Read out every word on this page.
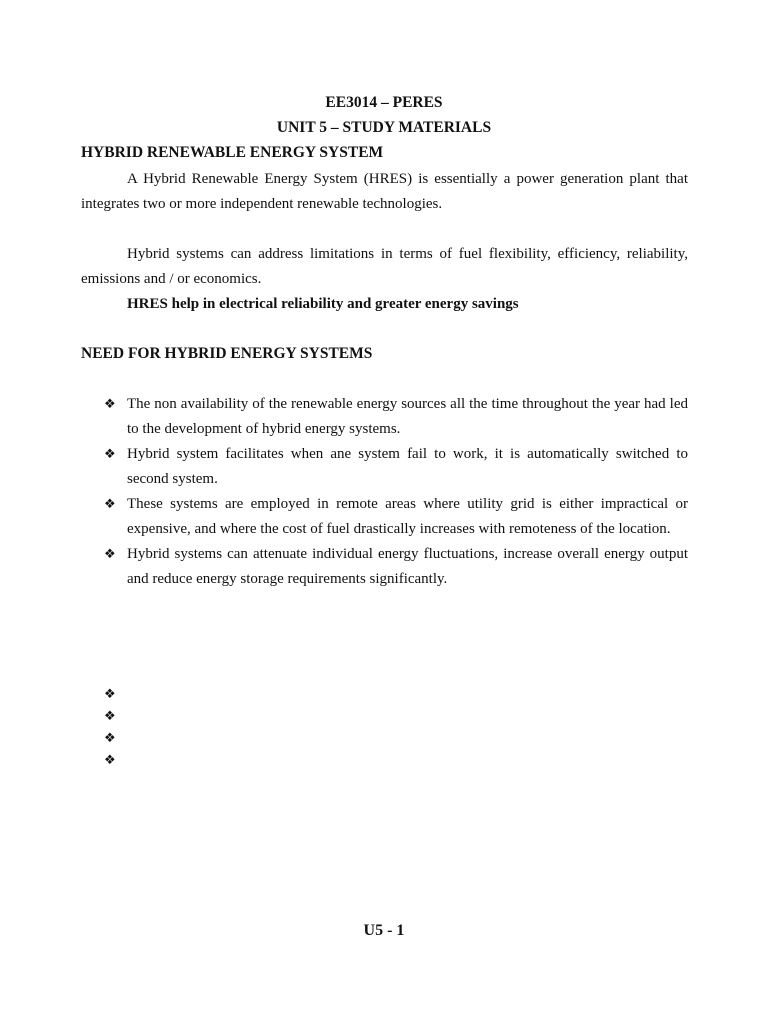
EE3014 – PERES
UNIT 5 – STUDY MATERIALS
HYBRID RENEWABLE ENERGY SYSTEM
A Hybrid Renewable Energy System (HRES) is essentially a power generation plant that integrates two or more independent renewable technologies.
Hybrid systems can address limitations in terms of fuel flexibility, efficiency, reliability, emissions and / or economics.
HRES help in electrical reliability and greater energy savings
NEED FOR HYBRID ENERGY SYSTEMS
❖ The non availability of the renewable energy sources all the time throughout the year had led to the development of hybrid energy systems.
❖ Hybrid system facilitates when ane system fail to work, it is automatically switched to second system.
❖ These systems are employed in remote areas where utility grid is either impractical or expensive, and where the cost of fuel drastically increases with remoteness of the location.
❖ Hybrid systems can attenuate individual energy fluctuations, increase overall energy output and reduce energy storage requirements significantly.
❖
❖
❖
❖
U5 - 1
